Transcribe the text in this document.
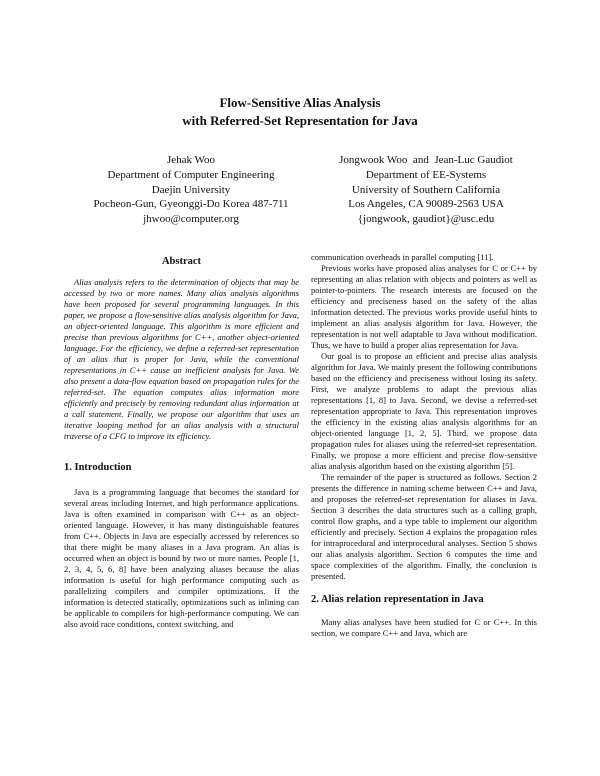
Flow-Sensitive Alias Analysis
with Referred-Set Representation for Java
Jehak Woo
Department of Computer Engineering
Daejin University
Pocheon-Gun, Gyeonggi-Do Korea 487-711
jhwoo@computer.org
Jongwook Woo  and  Jean-Luc Gaudiot
Department of EE-Systems
University of Southern California
Los Angeles, CA 90089-2563 USA
{jongwook, gaudiot}@usc.edu
Abstract

Alias analysis refers to the determination of objects that may be accessed by two or more names. Many alias analysis algorithms have been proposed for several programming languages. In this paper, we propose a flow-sensitive alias analysis algorithm for Java, an object-oriented language. This algorithm is more efficient and precise than previous algorithms for C++, another object-oriented language. For the efficiency, we define a referred-set representation of an alias that is proper for Java, while the conventional representations in C++ cause an inefficient analysis for Java. We also present a data-flow equation based on propagation rules for the referred-set. The equation computes alias information more efficiently and precisely by removing redundant alias information at a call statement. Finally, we propose our algorithm that uses an iterative looping method for an alias analysis with a structural traverse of a CFG to improve its efficiency.

1. Introduction

Java is a programming language that becomes the standard for several areas including Internet, and high performance applications. Java is often examined in comparison with C++ as an object-oriented language. However, it has many distinguishable features from C++. Objects in Java are especially accessed by references so that there might be many aliases in a Java program. An alias is occurred when an object is bound by two or more names. People [1, 2, 3, 4, 5, 6, 8] have been analyzing aliases because the alias information is useful for high performance computing such as parallelizing compilers and compiler optimizations. If the information is detected statically, optimizations such as inlining can be applicable to compilers for high-performance computing. We can also avoid race conditions, context switching, and

communication overheads in parallel computing [11].

Previous works have proposed alias analyses for C or C++ by representing an alias relation with objects and pointers as well as pointer-to-pointers. The research interests are focused on the efficiency and preciseness based on the safety of the alias information detected. The previous works provide useful hints to implement an alias analysis algorithm for Java. However, the representation is not well adaptable to Java without modification. Thus, we have to build a proper alias representation for Java.

Our goal is to propose an efficient and precise alias analysis algorithm for Java. We mainly present the following contributions based on the efficiency and preciseness without losing its safety. First, we analyze problems to adapt the previous alias representations [1, 8] to Java. Second, we devise a referred-set representation appropriate to Java. This representation improves the efficiency in the existing alias analysis algorithms for an object-oriented language [1, 2, 5]. Third, we propose data propagation rules for aliases using the referred-set representation. Finally, we propose a more efficient and precise flow-sensitive alias analysis algorithm based on the existing algorithm [5].

The remainder of the paper is structured as follows. Section 2 presents the difference in naming scheme between C++ and Java, and proposes the referred-set representation for aliases in Java. Section 3 describes the data structures such as a calling graph, control flow graphs, and a type table to implement our algorithm efficiently and precisely. Section 4 explains the propagation rules for intraprocedural and interprocedural analyses. Section 5 shows our alias analysis algorithm. Section 6 computes the time and space complexities of the algorithm. Finally, the conclusion is presented.

2. Alias relation representation in Java

Many alias analyses have been studied for C or C++. In this section, we compare C++ and Java, which are
